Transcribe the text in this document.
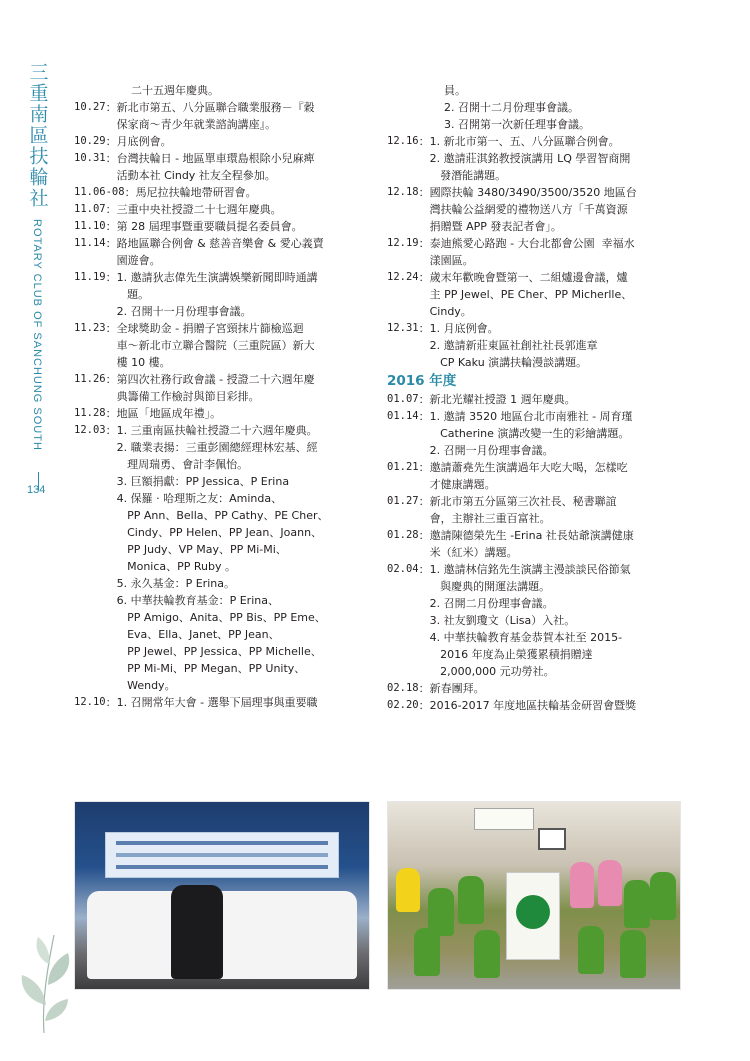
三重南區扶輪社
ROTARY CLUB OF SANCHUNG SOUTH
134
二十五週年慶典。
10.27 ： 新北市第五、八分區聯合職業服務－『穀
保家商～青少年就業諮詢講座』。
10.29 ： 月底例會。
10.31 ： 台灣扶輪日 - 地區單車環島根除小兒麻痺
活動本社 Cindy 社友全程參加。
11.06-08 ： 馬尼拉扶輪地帶研習會。
11.07 ： 三重中央社授證二十七週年慶典。
11.10 ： 第 28 屆理事暨重要職員提名委員會。
11.14 ： 路地區聯合例會 & 慈善音樂會 & 愛心義賣
園遊會。
11.19 ： 1. 邀請狄志偉先生演講娛樂新聞即時通講
題。
2. 召開十一月份理事會議。
11.23 ： 全球獎助金 - 捐贈子宮頸抹片篩檢巡迴
車～新北市立聯合醫院（三重院區）新大
樓 10 樓。
11.26 ： 第四次社務行政會議 - 授證二十六週年慶
典籌備工作檢討與節目彩排。
11.28 ： 地區「地區成年禮」。
12.03 ： 1. 三重南區扶輪社授證二十六週年慶典。
2. 職業表揚：三重彭園總經理林宏基、經
理周瑞勇、會計李佩怡。
3. 巨額捐獻：PP Jessica、P Erina
4. 保羅 ‧ 哈理斯之友：Aminda、
PP Ann、Bella、PP Cathy、PE Cher、
Cindy、PP Helen、PP Jean、Joann、
PP Judy、VP May、PP Mi-Mi、
Monica、PP Ruby 。
5. 永久基金：P Erina。
6. 中華扶輪教育基金：P Erina、
PP Amigo、Anita、PP Bis、PP Eme、
Eva、Ella、Janet、PP Jean、
PP Jewel、PP Jessica、PP Michelle、
PP Mi-Mi、PP Megan、PP Unity、
Wendy。
12.10 ： 1. 召開常年大會 - 選舉下屆理事與重要職
員。
2. 召開十二月份理事會議。
3. 召開第一次新任理事會議。
12.16 ： 1. 新北市第一、五、八分區聯合例會。
2. 邀請莊淇銘教授演講用 LQ 學習智商開
發潛能講題。
12.18 ： 國際扶輪 3480/3490/3500/3520 地區台
灣扶輪公益網愛的禮物送八方「千萬資源
捐贈暨 APP 發表記者會」。
12.19 ： 泰迪熊愛心路跑 - 大台北都會公園  幸福水
漾園區。
12.24 ： 歲末年歡晚會暨第一、二組爐邊會議，爐
主 PP Jewel、PE Cher、PP Micherlle、
Cindy。
12.31 ： 1. 月底例會。
2. 邀請新莊東區社創社社長郭進章
CP Kaku 演講扶輪漫談講題。
2016 年度
01.07 ： 新北光耀社授證 1 週年慶典。
01.14 ： 1. 邀請 3520 地區台北市南雅社 - 周育瑾
Catherine 演講改變一生的彩繪講題。
2. 召開一月份理事會議。
01.21 ： 邀請蕭堯先生演講過年大吃大喝，怎樣吃
才健康講題。
01.27 ： 新北市第五分區第三次社長、秘書聯誼
會，主辦社三重百富社。
01.28 ： 邀請陳德榮先生 -Erina 社長姑爺演講健康
米（紅米）講題。
02.04 ： 1. 邀請林信銘先生演講主漫談談民俗節氣
與慶典的開運法講題。
2. 召開二月份理事會議。
3. 社友劉瓊文（Lisa）入社。
4. 中華扶輪教育基金恭賀本社至 2015-
2016 年度為止榮獲累積捐贈達
2,000,000 元功勞社。
02.18 ： 新春團拜。
02.20 ： 2016-2017 年度地區扶輪基金研習會暨獎
